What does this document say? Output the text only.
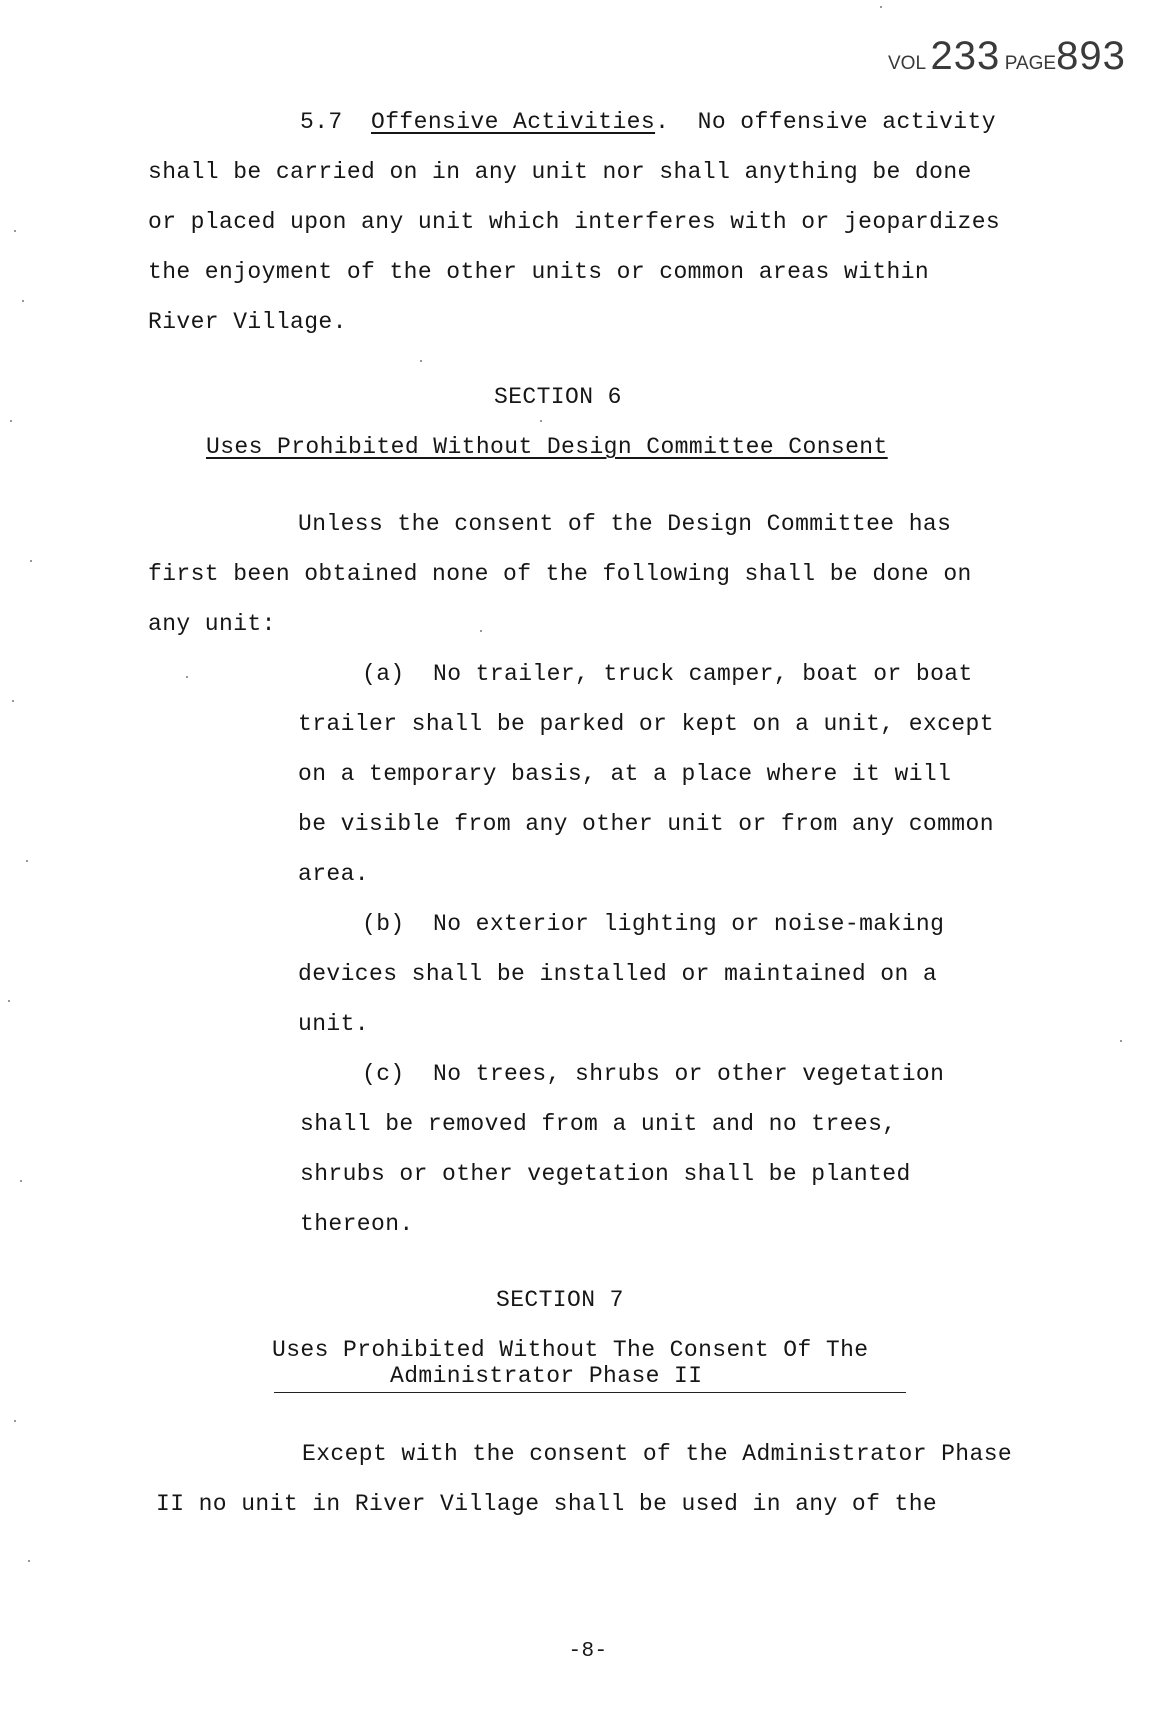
VOL 233 PAGE893
5.7 Offensive Activities.  No offensive activity
shall be carried on in any unit nor shall anything be done
or placed upon any unit which interferes with or jeopardizes
the enjoyment of the other units or common areas within
River Village.
SECTION 6
Uses Prohibited Without Design Committee Consent
Unless the consent of the Design Committee has
first been obtained none of the following shall be done on
any unit:
(a) No trailer, truck camper, boat or boat
trailer shall be parked or kept on a unit, except
on a temporary basis, at a place where it will
be visible from any other unit or from any common
area.
(b) No exterior lighting or noise-making
devices shall be installed or maintained on a
unit.
(c) No trees, shrubs or other vegetation
shall be removed from a unit and no trees,
shrubs or other vegetation shall be planted
thereon.
SECTION 7
Uses Prohibited Without The Consent Of The
Administrator Phase II
Except with the consent of the Administrator Phase
II no unit in River Village shall be used in any of the
-8-
